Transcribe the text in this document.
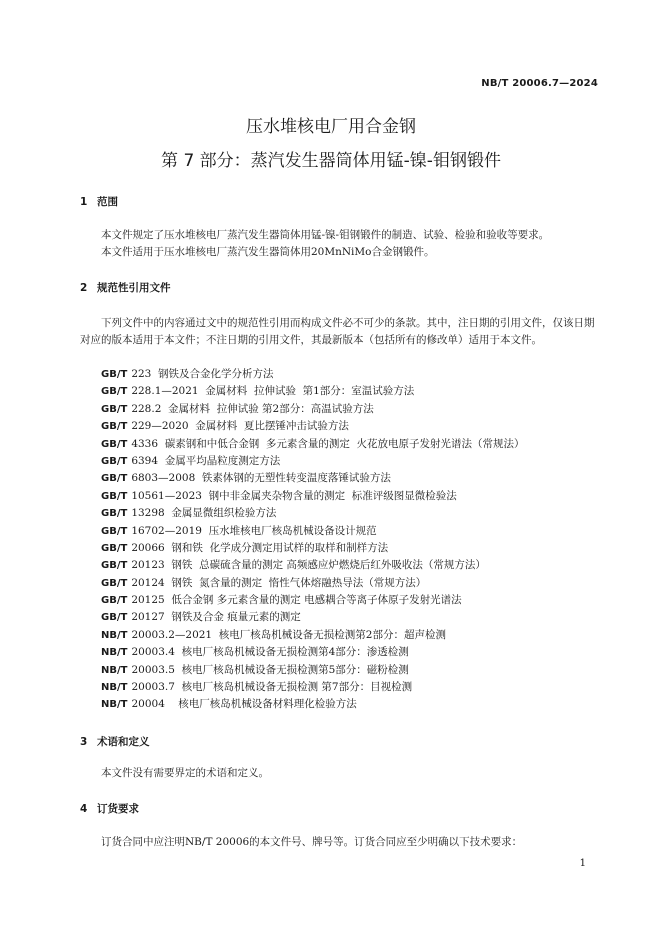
NB/T 20006.7—2024
压水堆核电厂用合金钢
第 7 部分：蒸汽发生器筒体用锰-镍-钼钢锻件
1 范围
本文件规定了压水堆核电厂蒸汽发生器筒体用锰-镍-钼钢锻件的制造、试验、检验和验收等要求。
本文件适用于压水堆核电厂蒸汽发生器筒体用20MnNiMo合金钢锻件。
2 规范性引用文件
下列文件中的内容通过文中的规范性引用而构成文件必不可少的条款。其中，注日期的引用文件，仅该日期对应的版本适用于本文件；不注日期的引用文件，其最新版本（包括所有的修改单）适用于本文件。
GB/T 223  钢铁及合金化学分析方法
GB/T 228.1—2021  金属材料  拉伸试验  第1部分：室温试验方法
GB/T 228.2  金属材料  拉伸试验 第2部分：高温试验方法
GB/T 229—2020  金属材料  夏比摆锤冲击试验方法
GB/T 4336  碳素钢和中低合金钢  多元素含量的测定  火花放电原子发射光谱法（常规法）
GB/T 6394  金属平均晶粒度测定方法
GB/T 6803—2008  铁素体钢的无塑性转变温度落锤试验方法
GB/T 10561—2023  钢中非金属夹杂物含量的测定  标准评级图显微检验法
GB/T 13298  金属显微组织检验方法
GB/T 16702—2019  压水堆核电厂核岛机械设备设计规范
GB/T 20066  钢和铁  化学成分测定用试样的取样和制样方法
GB/T 20123  钢铁  总碳硫含量的测定 高频感应炉燃烧后红外吸收法（常规方法）
GB/T 20124  钢铁  氮含量的测定  惰性气体熔融热导法（常规方法）
GB/T 20125  低合金钢 多元素含量的测定 电感耦合等离子体原子发射光谱法
GB/T 20127  钢铁及合金 痕量元素的测定
NB/T 20003.2—2021  核电厂核岛机械设备无损检测第2部分：超声检测
NB/T 20003.4  核电厂核岛机械设备无损检测第4部分：渗透检测
NB/T 20003.5  核电厂核岛机械设备无损检测第5部分：磁粉检测
NB/T 20003.7  核电厂核岛机械设备无损检测 第7部分：目视检测
NB/T 20004    核电厂核岛机械设备材料理化检验方法
3 术语和定义
本文件没有需要界定的术语和定义。
4 订货要求
订货合同中应注明NB/T 20006的本文件号、牌号等。订货合同应至少明确以下技术要求：
1
